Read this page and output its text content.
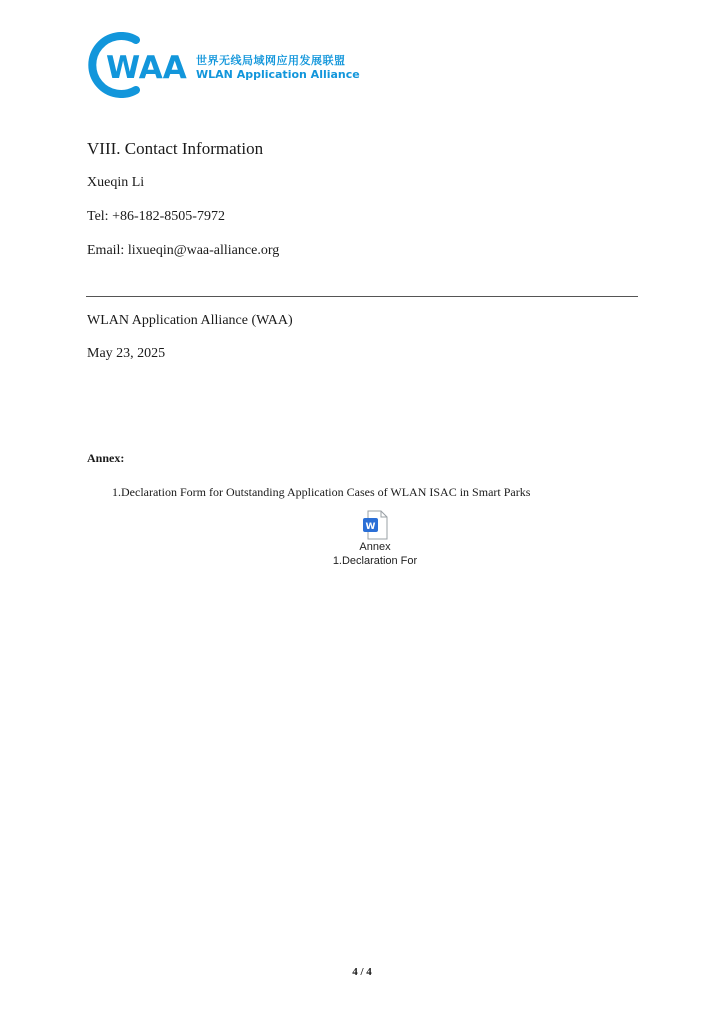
WAA 世界无线局域网应用发展联盟
WLAN Application Alliance
VIII. Contact Information
Xueqin Li
Tel: +86-182-8505-7972
Email: lixueqin@waa-alliance.org
WLAN Application Alliance (WAA)
May 23, 2025
Annex:
1.Declaration Form for Outstanding Application Cases of WLAN ISAC in Smart Parks
W
Annex
1.Declaration For
4 / 4
